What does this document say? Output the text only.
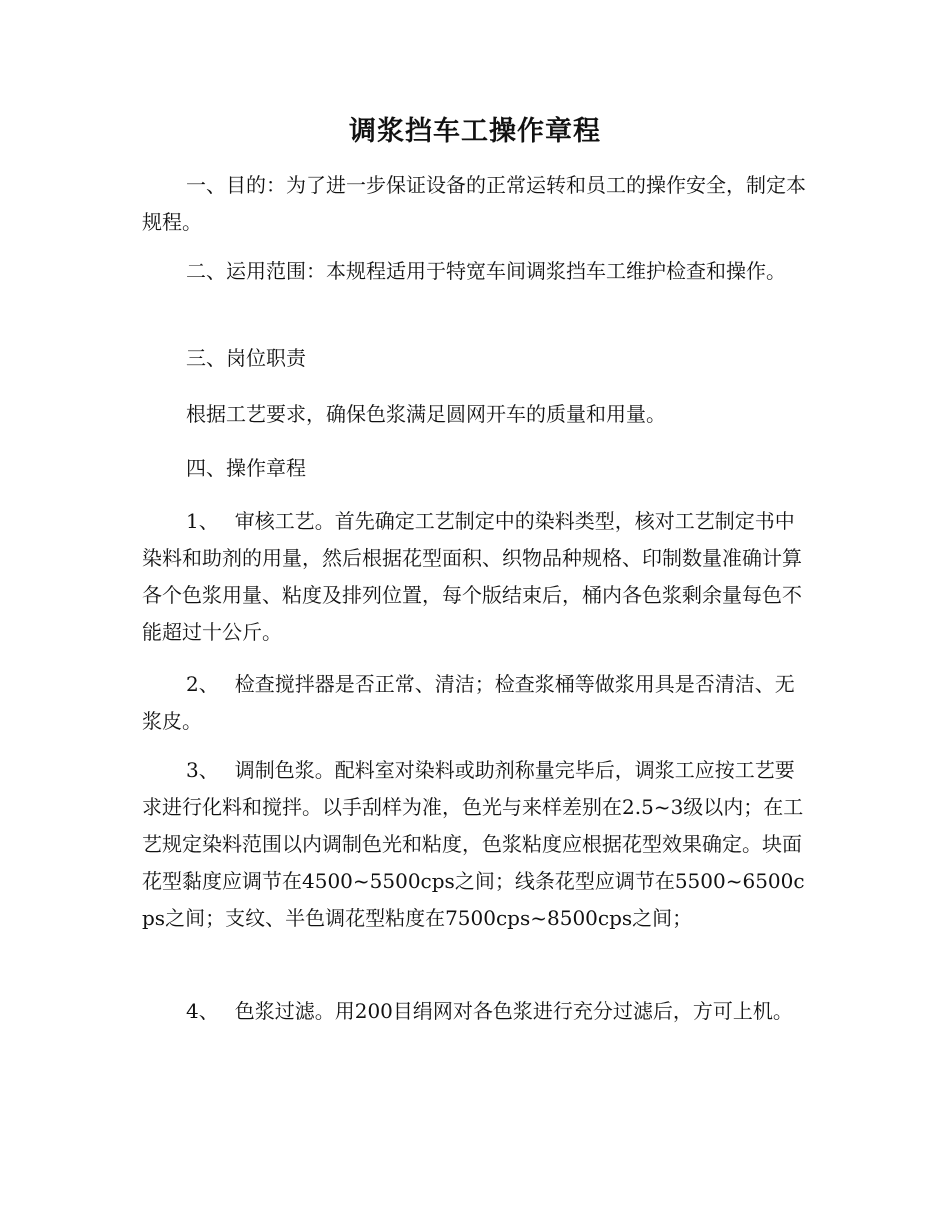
调浆挡车工操作章程

一、目的：为了进一步保证设备的正常运转和员工的操作安全，制定本规程。

二、运用范围：本规程适用于特宽车间调浆挡车工维护检查和操作。

三、岗位职责

根据工艺要求，确保色浆满足圆网开车的质量和用量。

四、操作章程

1、 审核工艺。首先确定工艺制定中的染料类型，核对工艺制定书中染料和助剂的用量，然后根据花型面积、织物品种规格、印制数量准确计算各个色浆用量、粘度及排列位置，每个版结束后，桶内各色浆剩余量每色不能超过十公斤。

2、 检查搅拌器是否正常、清洁；检查浆桶等做浆用具是否清洁、无浆皮。

3、 调制色浆。配料室对染料或助剂称量完毕后，调浆工应按工艺要求进行化料和搅拌。以手刮样为准，色光与来样差别在2.5~3级以内；在工艺规定染料范围以内调制色光和粘度，色浆粘度应根据花型效果确定。块面花型黏度应调节在4500~5500cps之间；线条花型应调节在5500~6500cps之间；支纹、半色调花型粘度在7500cps~8500cps之间；

4、 色浆过滤。用200目绢网对各色浆进行充分过滤后，方可上机。
